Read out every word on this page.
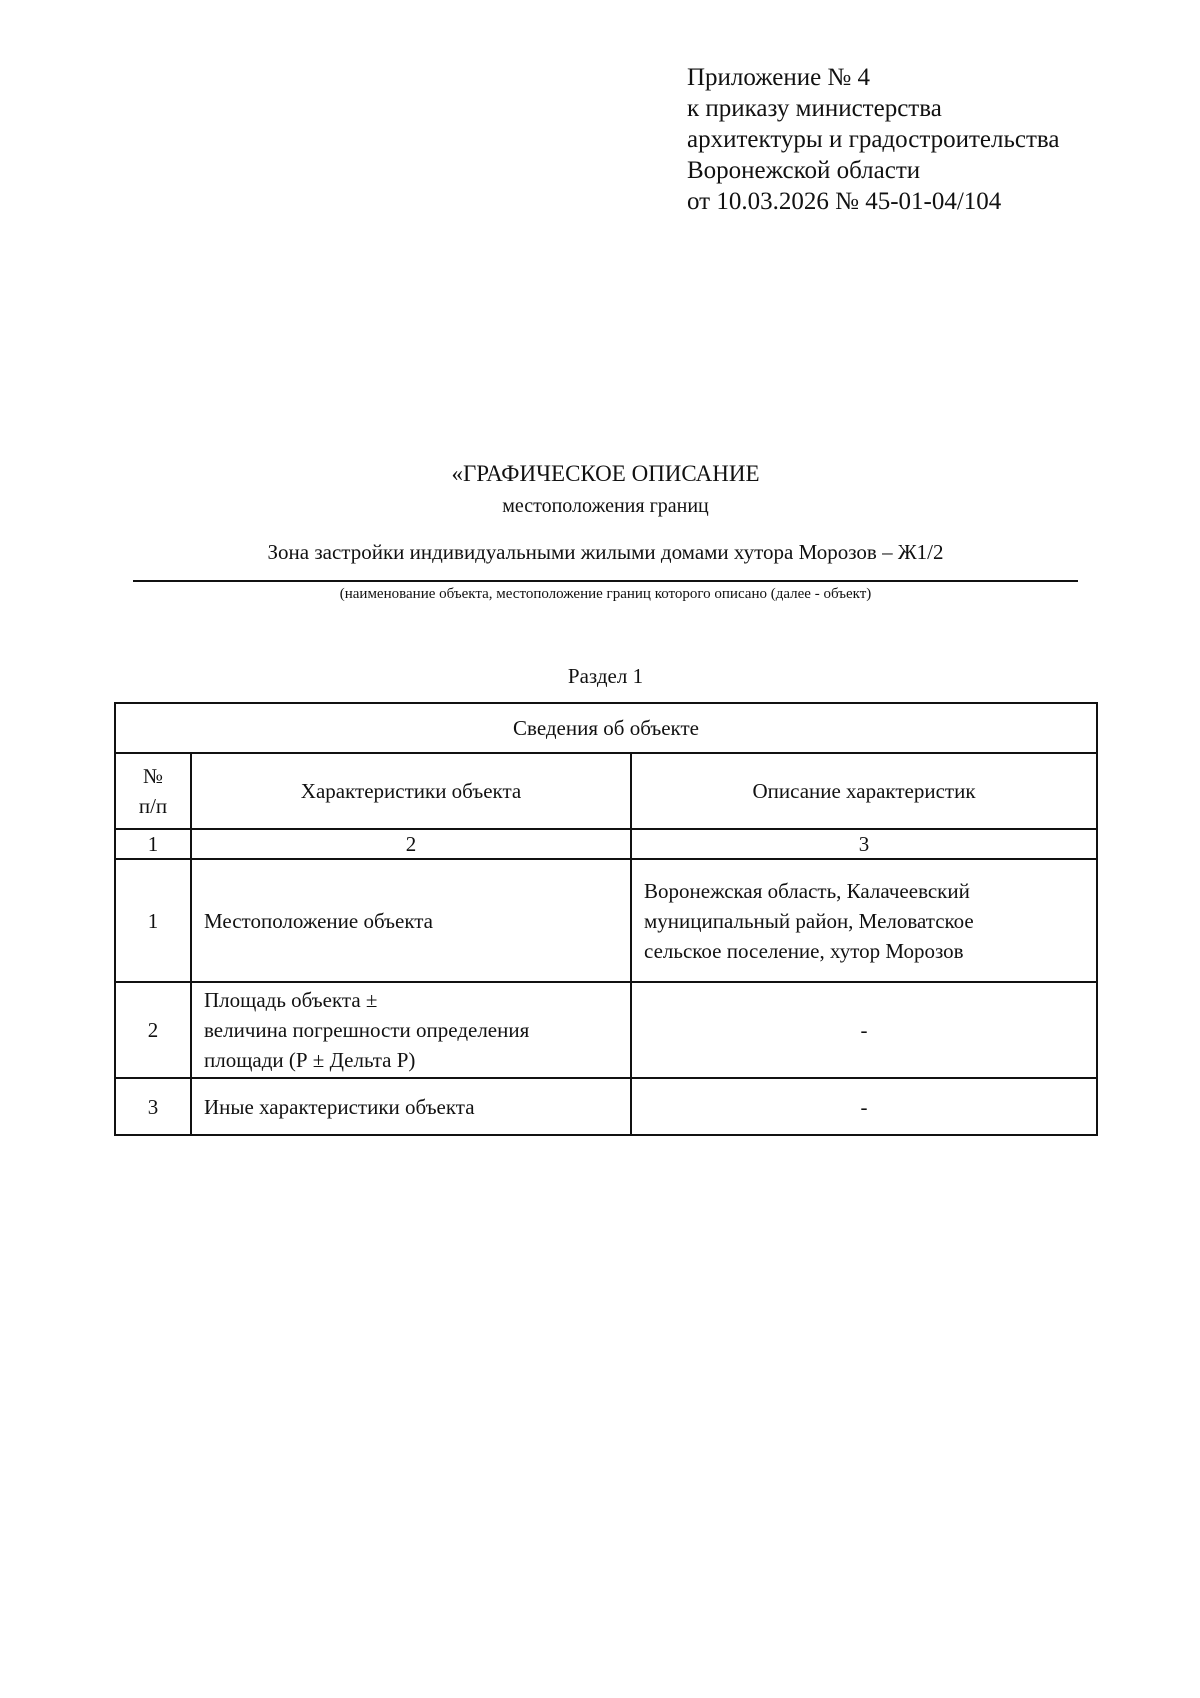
Приложение № 4
к приказу министерства
архитектуры и градостроительства
Воронежской области
от 10.03.2026 № 45-01-04/104
«ГРАФИЧЕСКОЕ ОПИСАНИЕ
местоположения границ
Зона застройки индивидуальными жилыми домами хутора Морозов – Ж1/2
(наименование объекта, местоположение границ которого описано (далее - объект)
Раздел 1
Сведения об объекте		

№
п/п	Характеристики объекта	Описание характеристик
1	2	3
1	Местоположение объекта	Воронежская область, Калачеевский
муниципальный район, Меловатское
сельское поселение, хутор Морозов

2	Площадь объекта ±
величина погрешности определения
площади (Р ± Дельта Р)	-

3	Иные характеристики объекта	-
